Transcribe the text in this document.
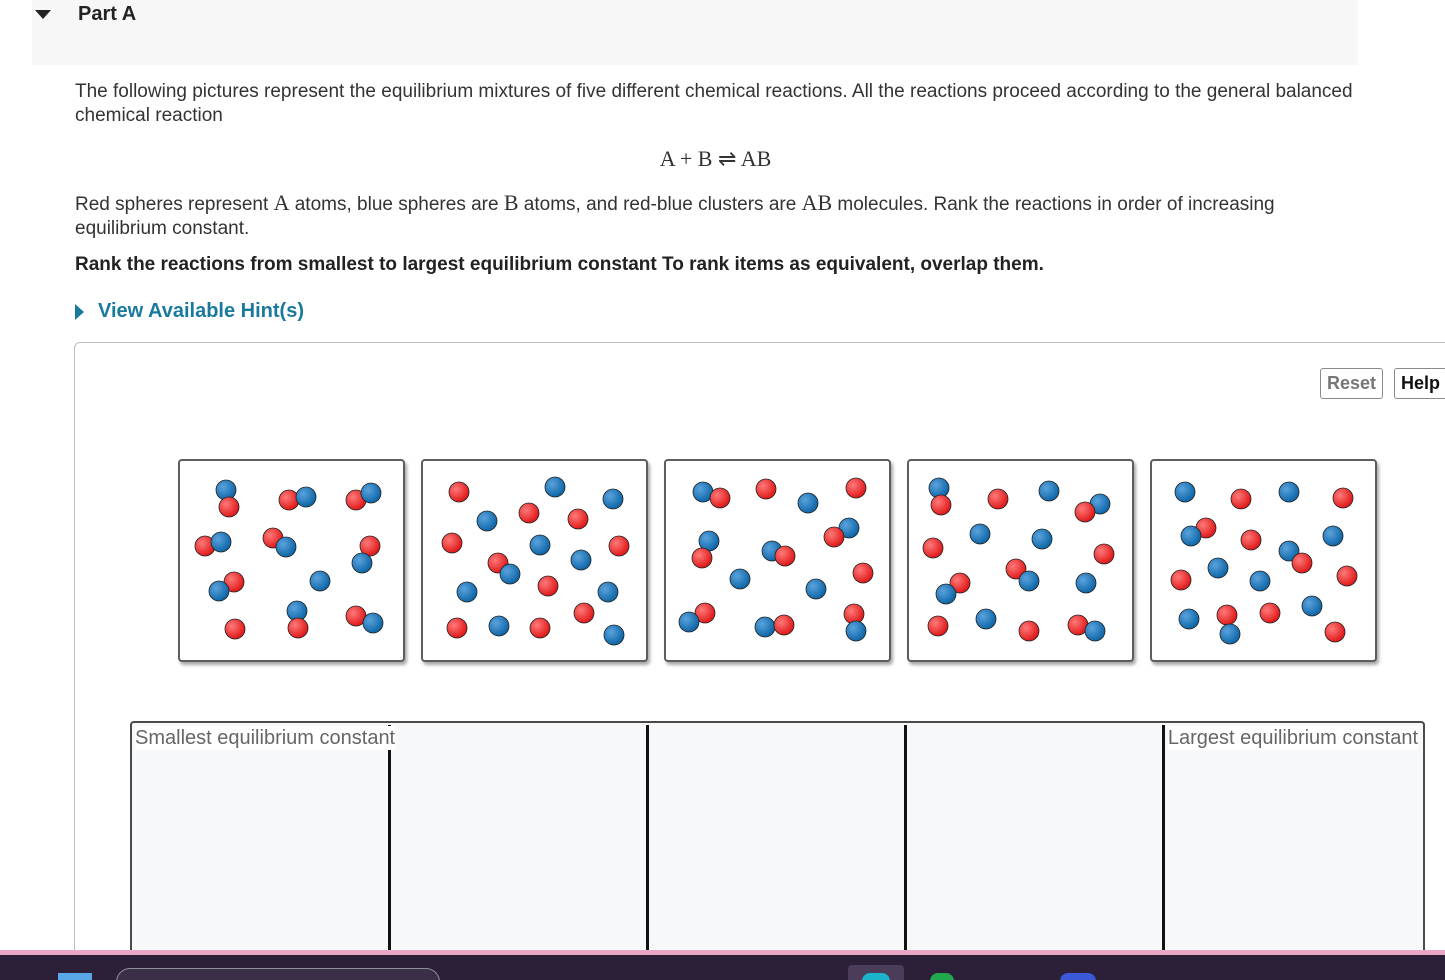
Part A
The following pictures represent the equilibrium mixtures of five different chemical reactions. All the reactions proceed according to the general balanced chemical reaction
A + B ⇌ AB
Red spheres represent A atoms, blue spheres are B atoms, and red-blue clusters are AB molecules. Rank the reactions in order of increasing equilibrium constant.
Rank the reactions from smallest to largest equilibrium constant To rank items as equivalent, overlap them.
View Available Hint(s)
Reset	Help
Smallest equilibrium constant	Largest equilibrium constant
